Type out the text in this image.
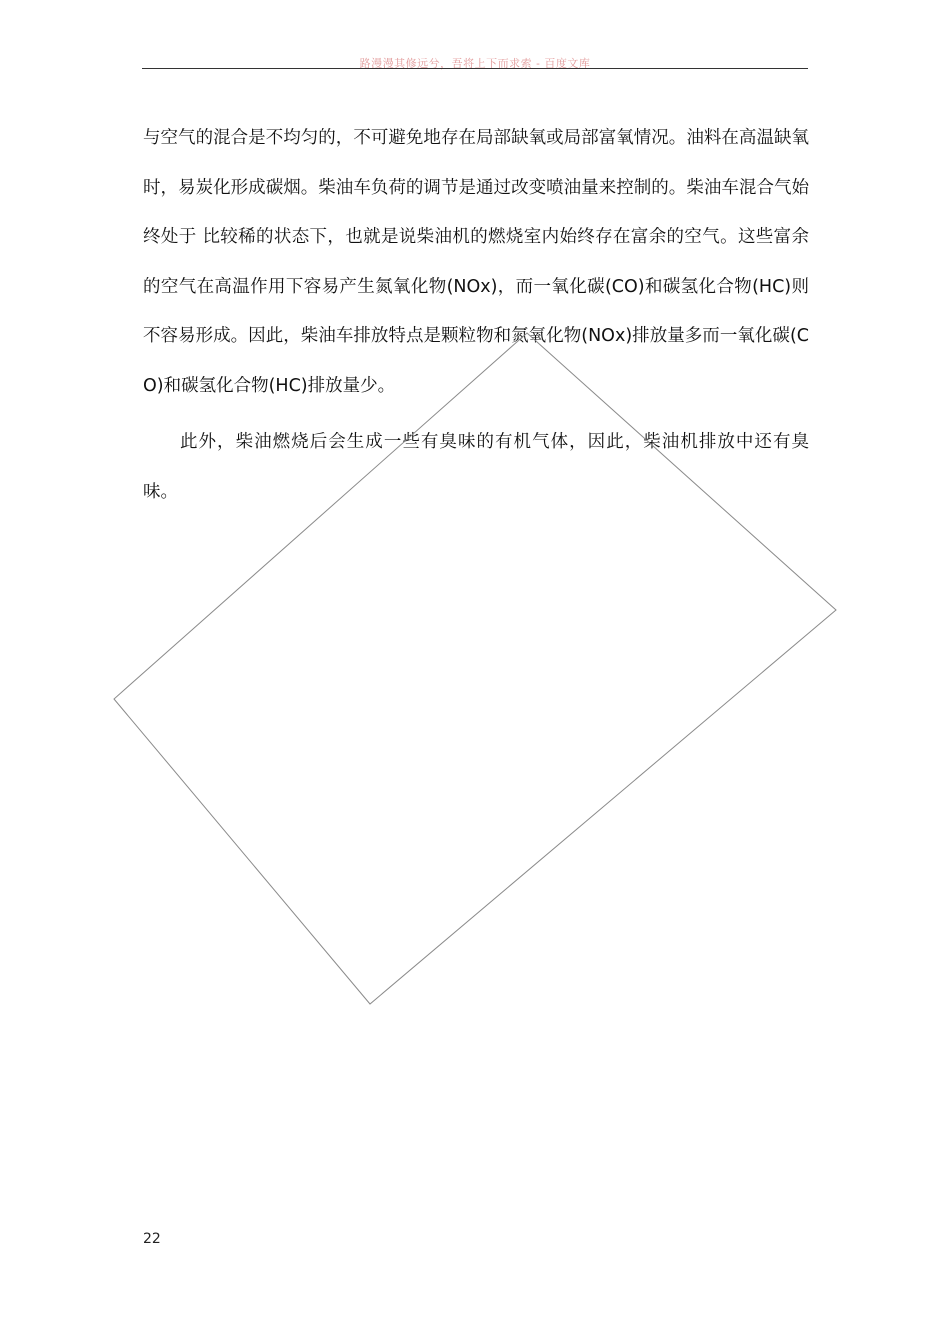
路漫漫其修远兮，吾将上下而求索 - 百度文库

与空气的混合是不均匀的，不可避免地存在局部缺氧或局部富氧情况。油料在高温缺氧时，易炭化形成碳烟。柴油车负荷的调节是通过改变喷油量来控制的。柴油车混合气始终处于 比较稀的状态下，也就是说柴油机的燃烧室内始终存在富余的空气。这些富余的空气在高温作用下容易产生氮氧化物(NOx)，而一氧化碳(CO)和碳氢化合物(HC)则不容易形成。因此，柴油车排放特点是颗粒物和氮氧化物(NOx)排放量多而一氧化碳(CO)和碳氢化合物(HC)排放量少。

此外，柴油燃烧后会生成一些有臭味的有机气体，因此，柴油机排放中还有臭味。

22
